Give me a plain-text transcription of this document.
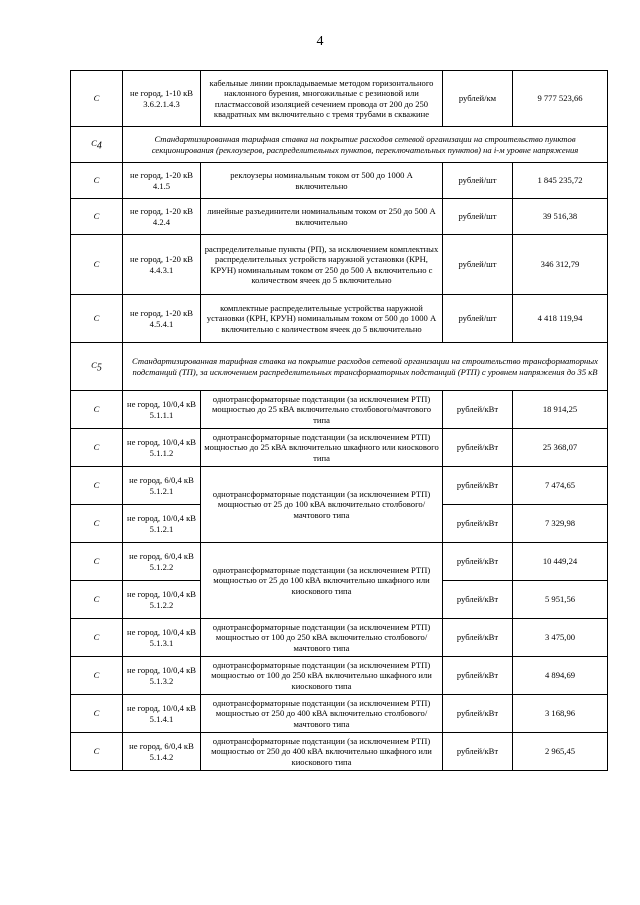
4
C	не город, 1-10 кВ 3.6.2.1.4.3	кабельные линии прокладываемые методом горизонтального наклонного бурения, многожильные с резиновой или пластмассовой изоляцией сечением провода от 200 до 250 квадратных мм включительно с тремя трубами в скважине	рублей/км	9 777 523,66
$C_4$	Стандартизированная тарифная ставка на покрытие расходов сетевой организации на строительство пунктов секционирования (реклоузеров, распределительных пунктов, переключательных пунктов) на i-м уровне напряжения			
C	не город, 1-20 кВ 4.1.5	реклоузеры номинальным током от 500 до 1000 А включительно	рублей/шт	1 845 235,72
C	не город, 1-20 кВ 4.2.4	линейные разъединители номинальным током от 250 до 500 А включительно	рублей/шт	39 516,38
C	не город, 1-20 кВ 4.4.3.1	распределительные пункты (РП), за исключением комплектных распределительных устройств наружной установки (КРН, КРУН) номинальным током от 250 до 500 А включительно с количеством ячеек до 5 включительно	рублей/шт	346 312,79
C	не город, 1-20 кВ 4.5.4.1	комплектные распределительные устройства наружной установки (КРН, КРУН) номинальным током от 500 до 1000 А включительно с количеством ячеек до 5 включительно	рублей/шт	4 418 119,94
$C_5$	Стандартизированная тарифная ставка на покрытие расходов сетевой организации на строительство трансформаторных подстанций (ТП), за исключением распределительных трансформаторных подстанций (РТП) с уровнем напряжения до 35 кВ			
C	не город, 10/0,4 кВ 5.1.1.1	однотрансформаторные подстанции (за исключением РТП) мощностью до 25 кВА включительно столбового/мачтового типа	рублей/кВт	18 914,25
C	не город, 10/0,4 кВ 5.1.1.2	однотрансформаторные подстанции (за исключением РТП) мощностью до 25 кВА включительно шкафного или киоскового типа	рублей/кВт	25 368,07
C	не город, 6/0,4 кВ 5.1.2.1	однотрансформаторные подстанции (за исключением РТП) мощностью от 25 до 100 кВА включительно столбового/мачтового типа	рублей/кВт	7 474,65
C	не город, 10/0,4 кВ 5.1.2.1		рублей/кВт	7 329,98
C	не город, 6/0,4 кВ 5.1.2.2	однотрансформаторные подстанции (за исключением РТП) мощностью от 25 до 100 кВА включительно шкафного или киоскового типа	рублей/кВт	10 449,24
C	не город, 10/0,4 кВ 5.1.2.2		рублей/кВт	5 951,56
C	не город, 10/0,4 кВ 5.1.3.1	однотрансформаторные подстанции (за исключением РТП) мощностью от 100 до 250 кВА включительно столбового/мачтового типа	рублей/кВт	3 475,00
C	не город, 10/0,4 кВ 5.1.3.2	однотрансформаторные подстанции (за исключением РТП) мощностью от 100 до 250 кВА включительно шкафного или киоскового типа	рублей/кВт	4 894,69
C	не город, 10/0,4 кВ 5.1.4.1	однотрансформаторные подстанции (за исключением РТП) мощностью от 250 до 400 кВА включительно столбового/мачтового типа	рублей/кВт	3 168,96
C	не город, 6/0,4 кВ 5.1.4.2	однотрансформаторные подстанции (за исключением РТП) мощностью от 250 до 400 кВА включительно шкафного или киоскового типа	рублей/кВт	2 965,45
